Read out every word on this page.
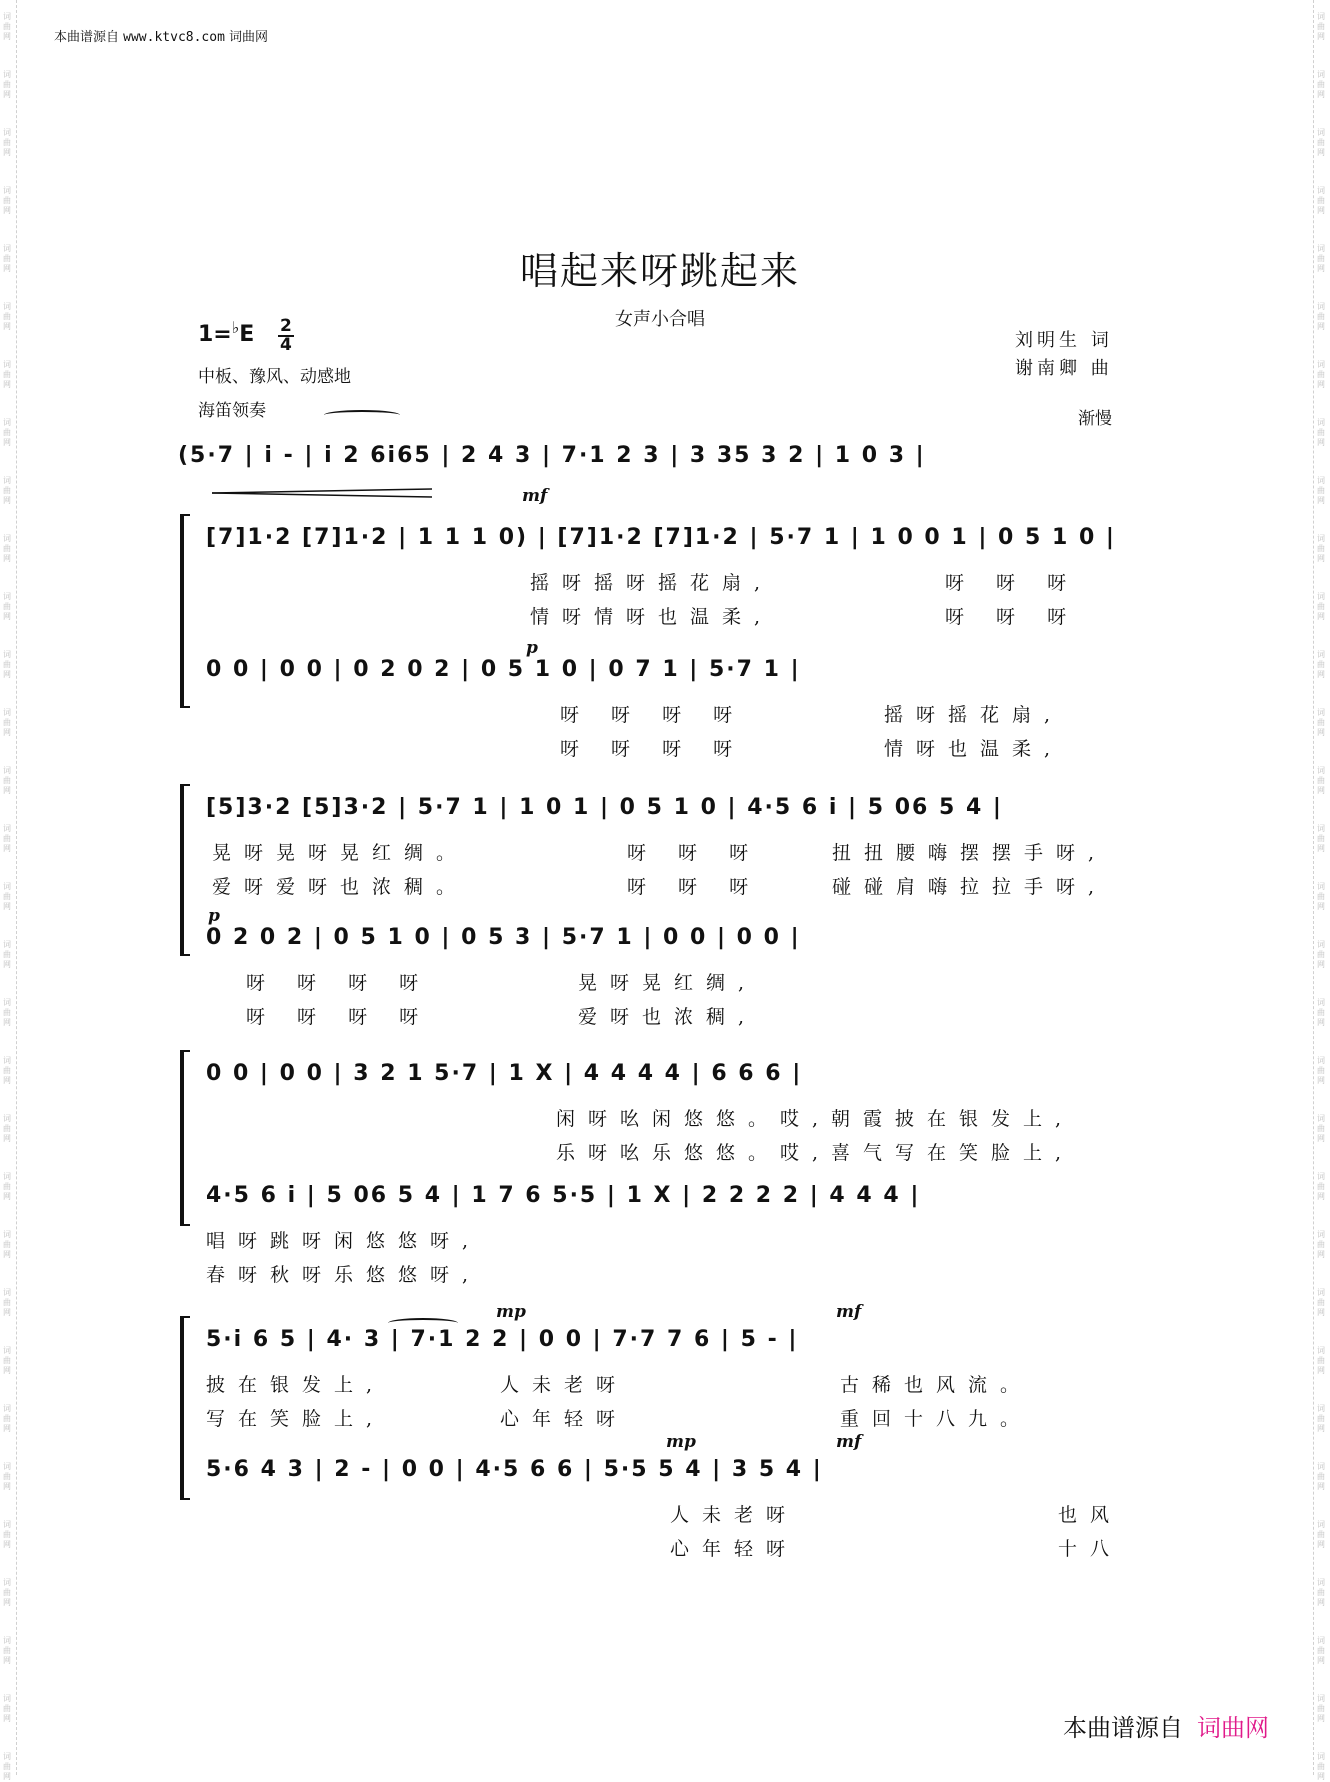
词
曲
网
词
曲
网
词
曲
网
词
曲
网
词
曲
网
词
曲
网
词
曲
网
词
曲
网
词
曲
网
词
曲
网
词
曲
网
词
曲
网
词
曲
网
词
曲
网
词
曲
网
词
曲
网
词
曲
网
词
曲
网
词
曲
网
词
曲
网
词
曲
网
词
曲
网
词
曲
网
词
曲
网
词
曲
网
词
曲
网
词
曲
网
词
曲
网
词
曲
网
词
曲
网
词
曲
网
词
曲
网
词
曲
网
词
曲
网
词
曲
网
词
曲
网
词
曲
网
词
曲
网
词
曲
网
词
曲
网
词
曲
网
词
曲
网
词
曲
网
词
曲
网
词
曲
网
词
曲
网
词
曲
网
词
曲
网
词
曲
网
词
曲
网
词
曲
网
词
曲
网
词
曲
网
词
曲
网
词
曲
网
词
曲
网
词
曲
网
词
曲
网
词
曲
网
词
曲
网
词
曲
网
词
曲
网
本曲谱源自 www.ktvc8.com 词曲网
唱起来呀跳起来
女声小合唱
1=♭E 2
4
中板、豫风、动感地
海笛领奏
刘明生 词
谢南卿 曲
渐慢
(5·7 | i - | i 2 6i65 | 2 4 3 | 7·1 2 3 | 3 35 3 2 | 1 0 3 |
mf
[7]1·2 [7]1·2 | 1 1 1 0) | [7]1·2 [7]1·2 | 5·7 1 | 1 0 0 1 | 0 5 1 0 |
摇呀摇呀摇花扇,	呀 呀 呀
情呀情呀也温柔,	呀 呀 呀
p
0 0 | 0 0 | 0 2 0 2 | 0 5 1 0 | 0 7 1 | 5·7 1 |
呀 呀 呀 呀	摇呀摇花扇,
呀 呀 呀 呀	情呀也温柔,
[5]3·2 [5]3·2 | 5·7 1 | 1 0 1 | 0 5 1 0 | 4·5 6 i | 5 06 5 4 |
晃呀晃呀晃红绸。	呀 呀 呀	扭扭腰嗨摆摆手呀,
爱呀爱呀也浓稠。	呀 呀 呀	碰碰肩嗨拉拉手呀,
p
0 2 0 2 | 0 5 1 0 | 0 5 3 | 5·7 1 | 0 0 | 0 0 |
呀 呀 呀 呀	晃呀晃红绸,
呀 呀 呀 呀	爱呀也浓稠,
0 0 | 0 0 | 3 2 1 5·7 | 1 X | 4 4 4 4 | 6 6 6 |
闲呀吆闲悠悠。哎,朝霞披在银发上,
乐呀吆乐悠悠。哎,喜气写在笑脸上,
4·5 6 i | 5 06 5 4 | 1 7 6 5·5 | 1 X | 2 2 2 2 | 4 4 4 |
唱呀跳呀闲悠悠呀,
春呀秋呀乐悠悠呀,
mp	mf
5·i 6 5 | 4· 3 | 7·1 2 2 | 0 0 | 7·7 7 6 | 5 - |
披在银发上,	人未老呀	古稀也风流。
写在笑脸上,	心年轻呀	重回十八九。
mp	mf
5·6 4 3 | 2 - | 0 0 | 4·5 6 6 | 5·5 5 4 | 3 5 4 |
人未老呀	也风
心年轻呀	十八
本曲谱源自 词曲网
